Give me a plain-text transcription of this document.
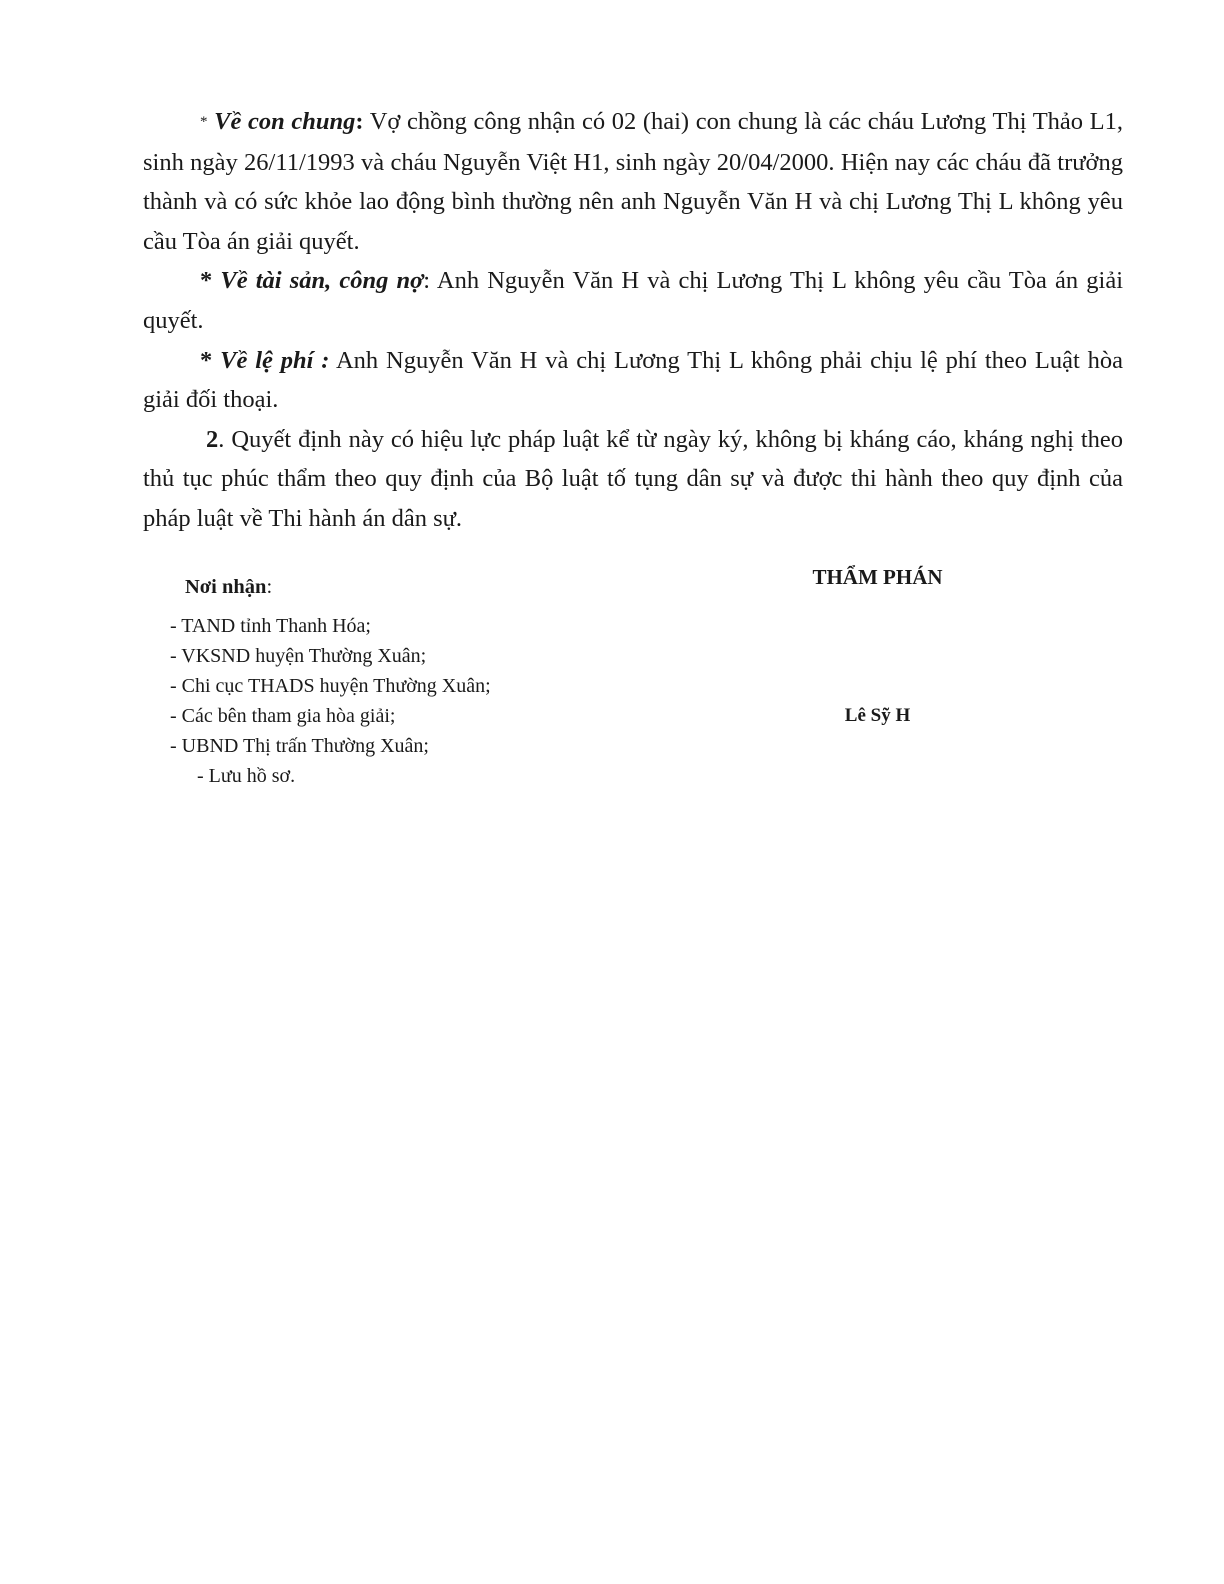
* Về con chung: Vợ chồng công nhận có 02 (hai) con chung là các cháu Lương Thị Thảo L1, sinh ngày 26/11/1993 và cháu Nguyễn Việt H1, sinh ngày 20/04/2000. Hiện nay các cháu đã trưởng thành và có sức khỏe lao động bình thường nên anh Nguyễn Văn H và chị Lương Thị L không yêu cầu Tòa án giải quyết.

* Về tài sản, công nợ: Anh Nguyễn Văn H và chị Lương Thị L không yêu cầu Tòa án giải quyết.

* Về lệ phí : Anh Nguyễn Văn H và chị Lương Thị L không phải chịu lệ phí theo Luật hòa giải đối thoại.

2. Quyết định này có hiệu lực pháp luật kể từ ngày ký, không bị kháng cáo, kháng nghị theo thủ tục phúc thẩm theo quy định của Bộ luật tố tụng dân sự và được thi hành theo quy định của pháp luật về Thi hành án dân sự.

Nơi nhận:
- TAND tỉnh Thanh Hóa;
- VKSND huyện Thường Xuân;
- Chi cục THADS huyện Thường Xuân;
- Các bên tham gia hòa giải;
- UBND Thị trấn Thường Xuân;
- Lưu hồ sơ.
THẨM PHÁN
Lê Sỹ H
